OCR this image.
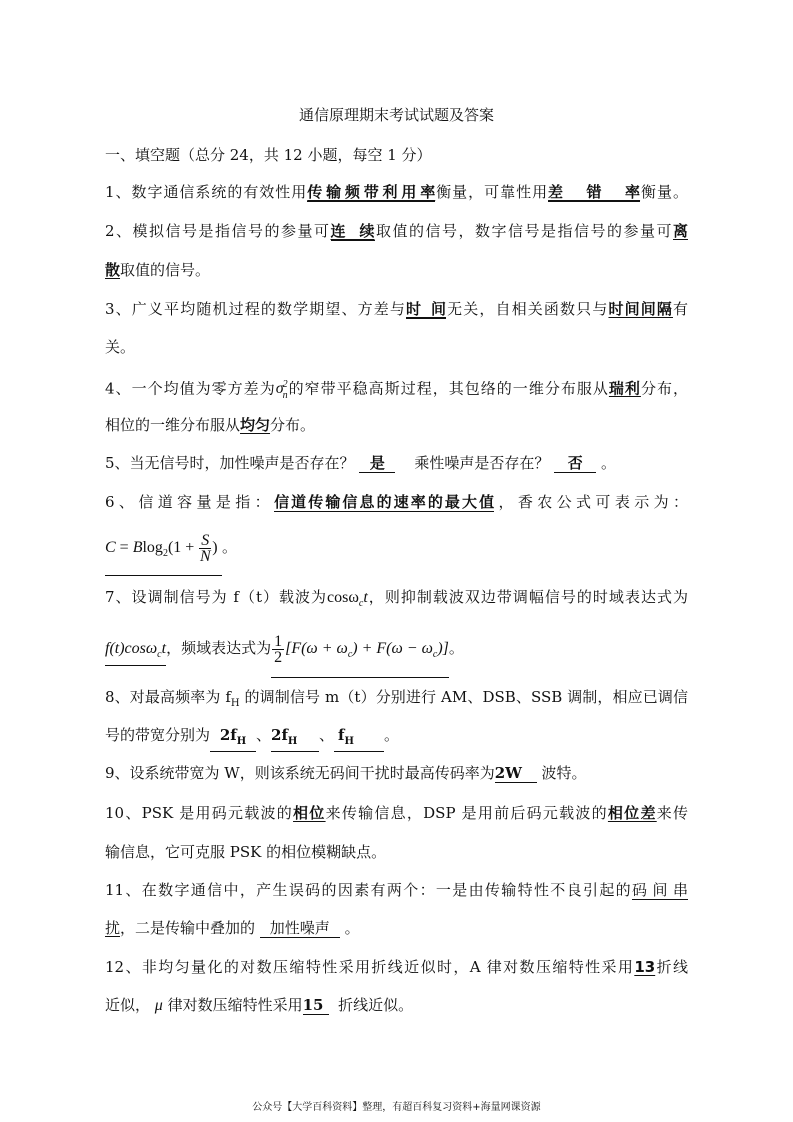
通信原理期末考试试题及答案
一、填空题（总分 24，共 12 小题，每空 1 分）
1、数字通信系统的有效性用传输频带利用率衡量，可靠性用差错率衡量。
2、模拟信号是指信号的参量可连续取值的信号，数字信号是指信号的参量可离
散取值的信号。
3、广义平均随机过程的数学期望、方差与时间无关，自相关函数只与时间间隔有
关。
4、一个均值为零方差为$\sigma_n^2$的窄带平稳高斯过程，其包络的一维分布服从瑞利分布，
相位的一维分布服从均匀分布。
5、当无信号时，加性噪声是否存在？ 是 乘性噪声是否存在？ 否 。
6、信道容量是指：信道传输信息的速率的最大值，香农公式可表示为：
$C = Blog_2(1 + \frac{S}{N}$ ) 。
7、设调制信号为 f（t）载波为cosω$_c$t，则抑制载波双边带调幅信号的时域表达式为
f(t)cosω$_c$t，频域表达式为 $\frac{1}{2} [F(\omega + \omega_c) + F(\omega - \omega_c)]$。
8、对最高频率为 $f_H$ 的调制信号 m（t）分别进行 AM、DSB、SSB 调制，相应已调信
号的带宽分别为 $2f_H$ 、$2f_H$ 、 $f_H$ 。
9、设系统带宽为 W，则该系统无码间干扰时最高传码率为2W 波特。
10、PSK 是用码元载波的相位来传输信息，DSP 是用前后码元载波的相位差来传
输信息，它可克服 PSK 的相位模糊缺点。
11、在数字通信中，产生误码的因素有两个：一是由传输特性不良引起的码间串
扰，二是传输中叠加的 加性噪声 。
12、非均匀量化的对数压缩特性采用折线近似时，A 律对数压缩特性采用13折线
近似， μ 律对数压缩特性采用15 折线近似。
公众号【大学百科资料】整理，有超百科复习资料+海量网课资源
